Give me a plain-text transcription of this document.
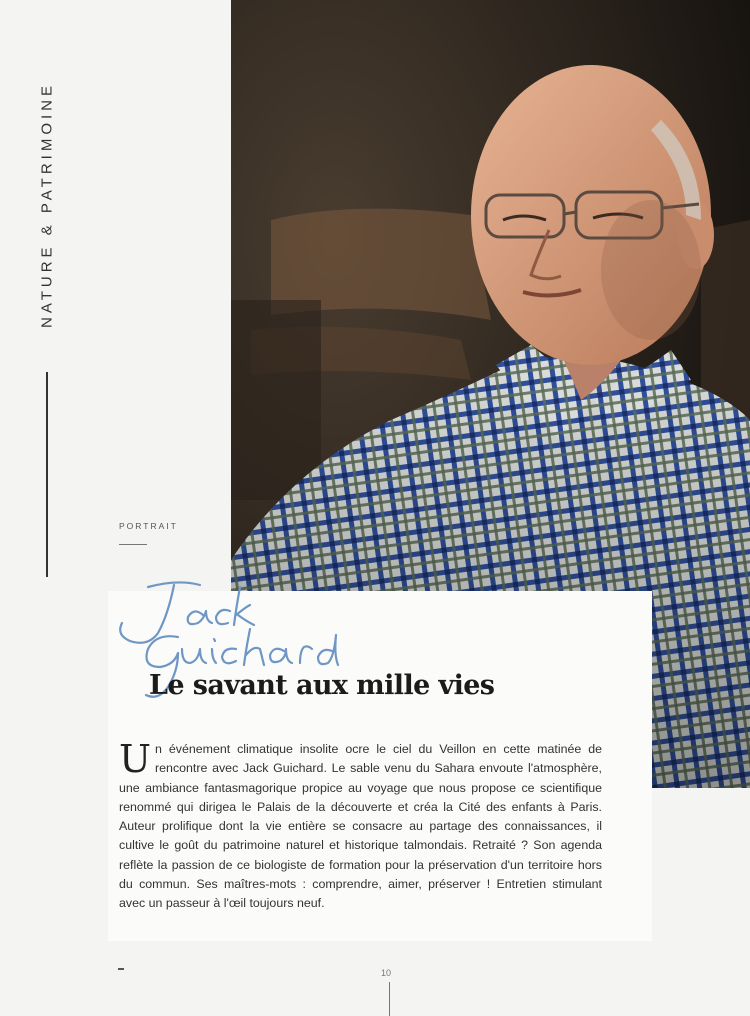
NATURE & PATRIMOINE
PORTRAIT
Le savant aux mille vies

Un événement climatique insolite ocre le ciel du Veillon en cette matinée de rencontre avec Jack Guichard. Le sable venu du Sahara envoute l'atmosphère, une ambiance fantasmagorique propice au voyage que nous propose ce scientifique renommé qui dirigea le Palais de la découverte et créa la Cité des enfants à Paris. Auteur prolifique dont la vie entière se consacre au partage des connaissances, il cultive le goût du patrimoine naturel et historique talmondais. Retraité ? Son agenda reflète la passion de ce biologiste de formation pour la préservation d'un territoire hors du commun. Ses maîtres-mots : comprendre, aimer, préserver ! Entretien stimulant avec un passeur à l'œil toujours neuf.

10
